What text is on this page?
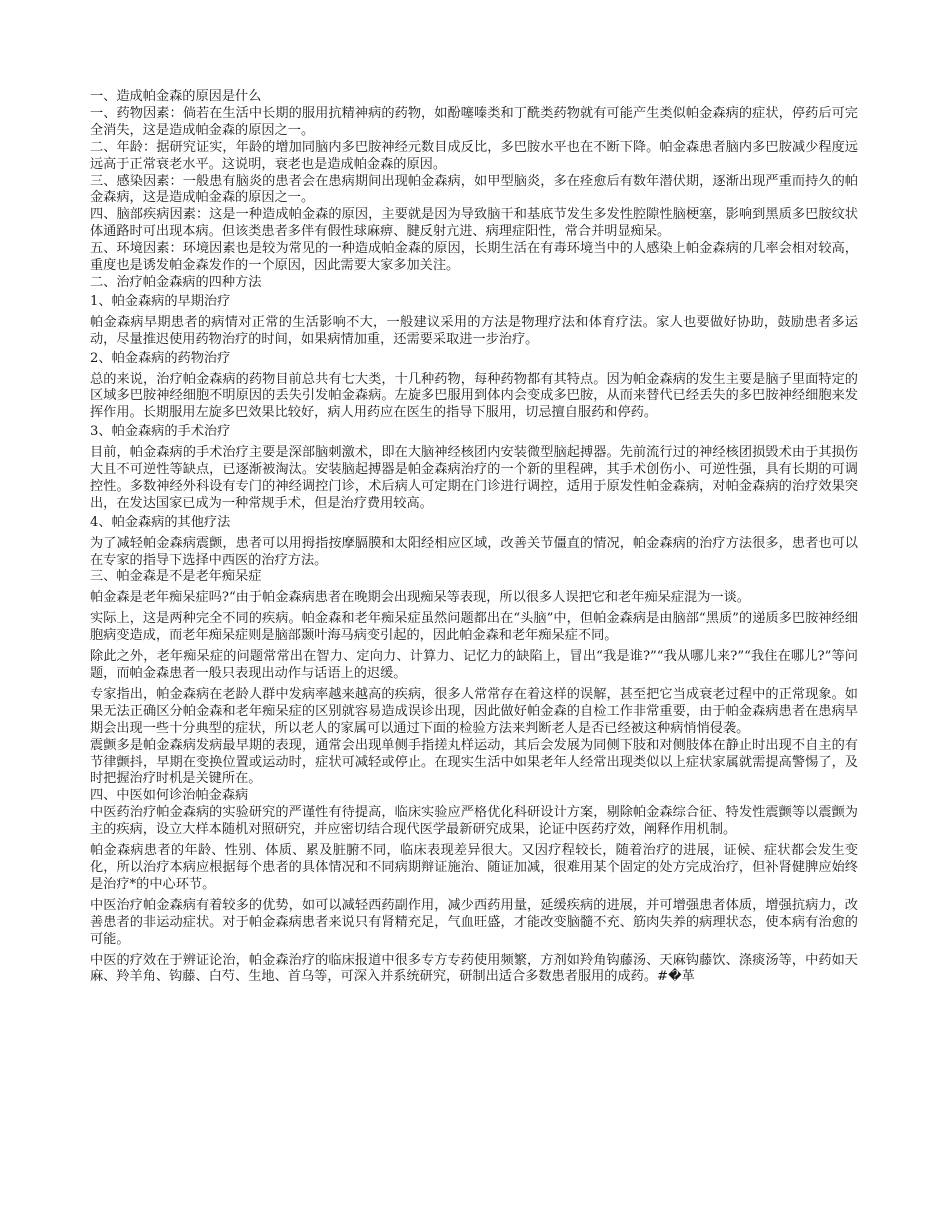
一、造成帕金森的原因是什么

一、药物因素：倘若在生活中长期的服用抗精神病的药物，如酚噻嗪类和丁酰类药物就有可能产生类似帕金森病的症状，停药后可完全消失，这是造成帕金森的原因之一。

二、年龄：据研究证实，年龄的增加同脑内多巴胺神经元数目成反比，多巴胺水平也在不断下降。帕金森患者脑内多巴胺减少程度远远高于正常衰老水平。这说明，衰老也是造成帕金森的原因。

三、感染因素：一般患有脑炎的患者会在患病期间出现帕金森病，如甲型脑炎，多在痊愈后有数年潜伏期，逐渐出现严重而持久的帕金森病，这是造成帕金森的原因之一。

四、脑部疾病因素：这是一种造成帕金森的原因，主要就是因为导致脑干和基底节发生多发性腔隙性脑梗塞，影响到黑质多巴胺纹状体通路时可出现本病。但该类患者多伴有假性球麻痹、腱反射亢进、病理症阳性，常合并明显痴呆。

五、环境因素：环境因素也是较为常见的一种造成帕金森的原因，长期生活在有毒环境当中的人感染上帕金森病的几率会相对较高，重度也是诱发帕金森发作的一个原因，因此需要大家多加关注。

二、治疗帕金森病的四种方法

1、帕金森病的早期治疗

帕金森病早期患者的病情对正常的生活影响不大，一般建议采用的方法是物理疗法和体育疗法。家人也要做好协助，鼓励患者多运动，尽量推迟使用药物治疗的时间，如果病情加重，还需要采取进一步治疗。

2、帕金森病的药物治疗

总的来说，治疗帕金森病的药物目前总共有七大类，十几种药物，每种药物都有其特点。因为帕金森病的发生主要是脑子里面特定的区域多巴胺神经细胞不明原因的丢失引发帕金森病。左旋多巴服用到体内会变成多巴胺，从而来替代已经丢失的多巴胺神经细胞来发挥作用。长期服用左旋多巴效果比较好，病人用药应在医生的指导下服用，切忌擅自服药和停药。

3、帕金森病的手术治疗

目前，帕金森病的手术治疗主要是深部脑刺激术，即在大脑神经核团内安装微型脑起搏器。先前流行过的神经核团损毁术由于其损伤大且不可逆性等缺点，已逐渐被淘汰。安装脑起搏器是帕金森病治疗的一个新的里程碑，其手术创伤小、可逆性强，具有长期的可调控性。多数神经外科设有专门的神经调控门诊，术后病人可定期在门诊进行调控，适用于原发性帕金森病，对帕金森病的治疗效果突出，在发达国家已成为一种常规手术，但是治疗费用较高。

4、帕金森病的其他疗法

为了减轻帕金森病震颤，患者可以用拇指按摩膈膜和太阳经相应区域，改善关节僵直的情况，帕金森病的治疗方法很多，患者也可以在专家的指导下选择中西医的治疗方法。

三、帕金森是不是老年痴呆症

帕金森是老年痴呆症吗?“由于帕金森病患者在晚期会出现痴呆等表现，所以很多人误把它和老年痴呆症混为一谈。

实际上，这是两种完全不同的疾病。帕金森和老年痴呆症虽然问题都出在“头脑”中，但帕金森病是由脑部“黑质”的递质多巴胺神经细胞病变造成，而老年痴呆症则是脑部颞叶海马病变引起的，因此帕金森和老年痴呆症不同。

除此之外，老年痴呆症的问题常常出在智力、定向力、计算力、记忆力的缺陷上，冒出“我是谁?”“我从哪儿来?”“我住在哪儿?”等问题，而帕金森患者一般只表现出动作与话语上的迟缓。

专家指出，帕金森病在老龄人群中发病率越来越高的疾病，很多人常常存在着这样的误解，甚至把它当成衰老过程中的正常现象。如果无法正确区分帕金森和老年痴呆症的区别就容易造成误诊出现，因此做好帕金森的自检工作非常重要，由于帕金森病患者在患病早期会出现一些十分典型的症状，所以老人的家属可以通过下面的检验方法来判断老人是否已经被这种病悄悄侵袭。

震颤多是帕金森病发病最早期的表现，通常会出现单侧手指搓丸样运动，其后会发展为同侧下肢和对侧肢体在静止时出现不自主的有节律颤抖，早期在变换位置或运动时，症状可减轻或停止。在现实生活中如果老年人经常出现类似以上症状家属就需提高警惕了，及时把握治疗时机是关键所在。

四、中医如何诊治帕金森病

中医药治疗帕金森病的实验研究的严谨性有待提高，临床实验应严格优化科研设计方案，剔除帕金森综合征、特发性震颤等以震颤为主的疾病，设立大样本随机对照研究，并应密切结合现代医学最新研究成果，论证中医药疗效，阐释作用机制。

帕金森病患者的年龄、性别、体质、累及脏腑不同，临床表现差异很大。又因疗程较长，随着治疗的进展，证候、症状都会发生变化，所以治疗本病应根据每个患者的具体情况和不同病期辩证施治、随证加减，很难用某个固定的处方完成治疗，但补肾健脾应始终是治疗*的中心环节。

中医治疗帕金森病有着较多的优势，如可以减轻西药副作用，减少西药用量，延缓疾病的进展，并可增强患者体质，增强抗病力，改善患者的非运动症状。对于帕金森病患者来说只有肾精充足，气血旺盛，才能改变脑髓不充、筋肉失养的病理状态，使本病有治愈的可能。

中医的疗效在于辨证论治，帕金森治疗的临床报道中很多专方专药使用频繁，方剂如羚角钩藤汤、天麻钩藤饮、涤痰汤等，中药如天麻、羚羊角、钩藤、白芍、生地、首乌等，可深入并系统研究，研制出适合多数患者服用的成药。#�革
